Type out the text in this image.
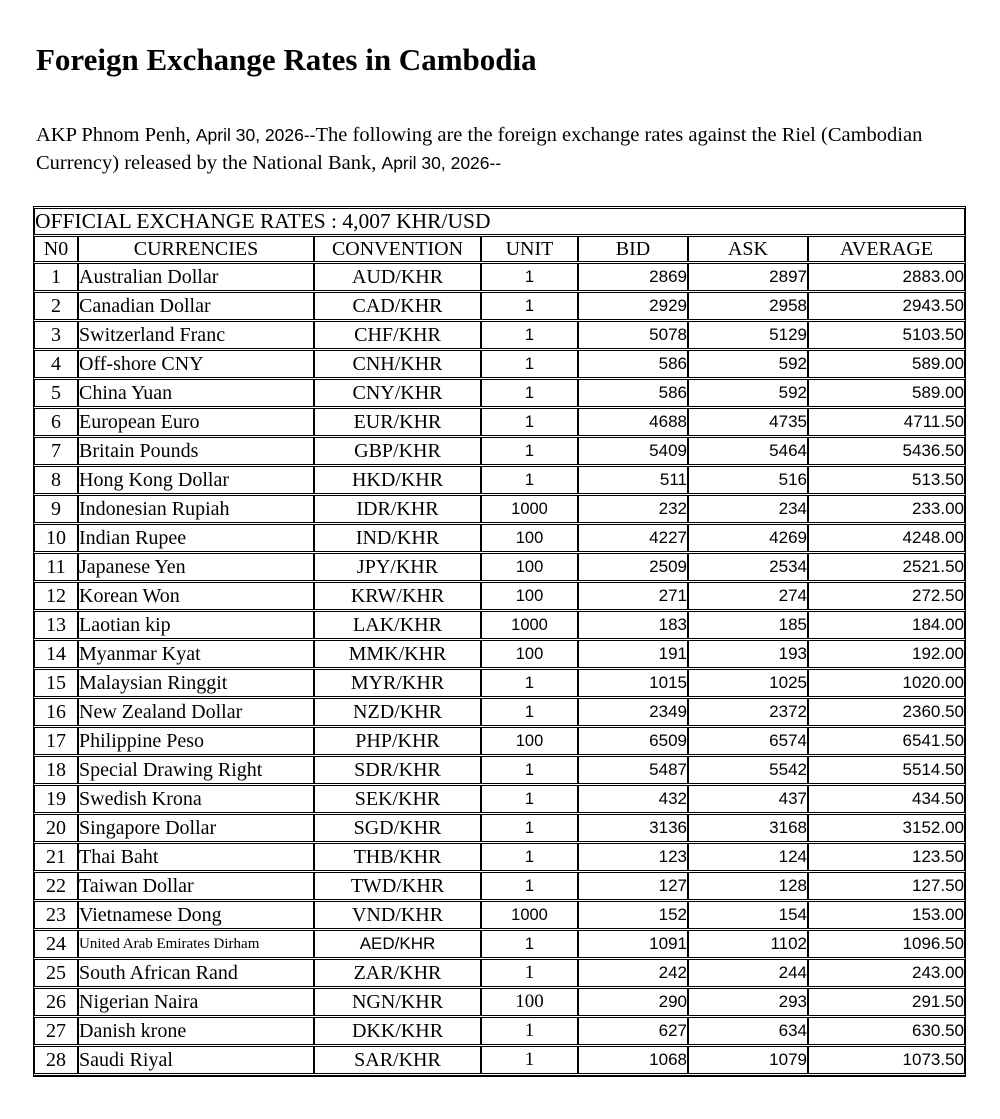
Foreign Exchange Rates in Cambodia

AKP Phnom Penh, April 30, 2026--The following are the foreign exchange rates against the Riel (Cambodian Currency) released by the National Bank, April 30, 2026--

OFFICIAL EXCHANGE RATES : 4,007 KHR/USD						
N0	CURRENCIES	CONVENTION	UNIT	BID	ASK	AVERAGE
1	Australian Dollar	AUD/KHR	1	2869	2897	2883.00
2	Canadian Dollar	CAD/KHR	1	2929	2958	2943.50
3	Switzerland Franc	CHF/KHR	1	5078	5129	5103.50
4	Off-shore CNY	CNH/KHR	1	586	592	589.00
5	China Yuan	CNY/KHR	1	586	592	589.00
6	European Euro	EUR/KHR	1	4688	4735	4711.50
7	Britain Pounds	GBP/KHR	1	5409	5464	5436.50
8	Hong Kong Dollar	HKD/KHR	1	511	516	513.50
9	Indonesian Rupiah	IDR/KHR	1000	232	234	233.00
10	Indian Rupee	IND/KHR	100	4227	4269	4248.00
11	Japanese Yen	JPY/KHR	100	2509	2534	2521.50
12	Korean Won	KRW/KHR	100	271	274	272.50
13	Laotian kip	LAK/KHR	1000	183	185	184.00
14	Myanmar Kyat	MMK/KHR	100	191	193	192.00
15	Malaysian Ringgit	MYR/KHR	1	1015	1025	1020.00
16	New Zealand Dollar	NZD/KHR	1	2349	2372	2360.50
17	Philippine Peso	PHP/KHR	100	6509	6574	6541.50
18	Special Drawing Right	SDR/KHR	1	5487	5542	5514.50
19	Swedish Krona	SEK/KHR	1	432	437	434.50
20	Singapore Dollar	SGD/KHR	1	3136	3168	3152.00
21	Thai Baht	THB/KHR	1	123	124	123.50
22	Taiwan Dollar	TWD/KHR	1	127	128	127.50
23	Vietnamese Dong	VND/KHR	1000	152	154	153.00
24	United Arab Emirates Dirham	AED/KHR	1	1091	1102	1096.50
25	South African Rand	ZAR/KHR	1	242	244	243.00
26	Nigerian Naira	NGN/KHR	100	290	293	291.50
27	Danish krone	DKK/KHR	1	627	634	630.50
28	Saudi Riyal	SAR/KHR	1	1068	1079	1073.50
